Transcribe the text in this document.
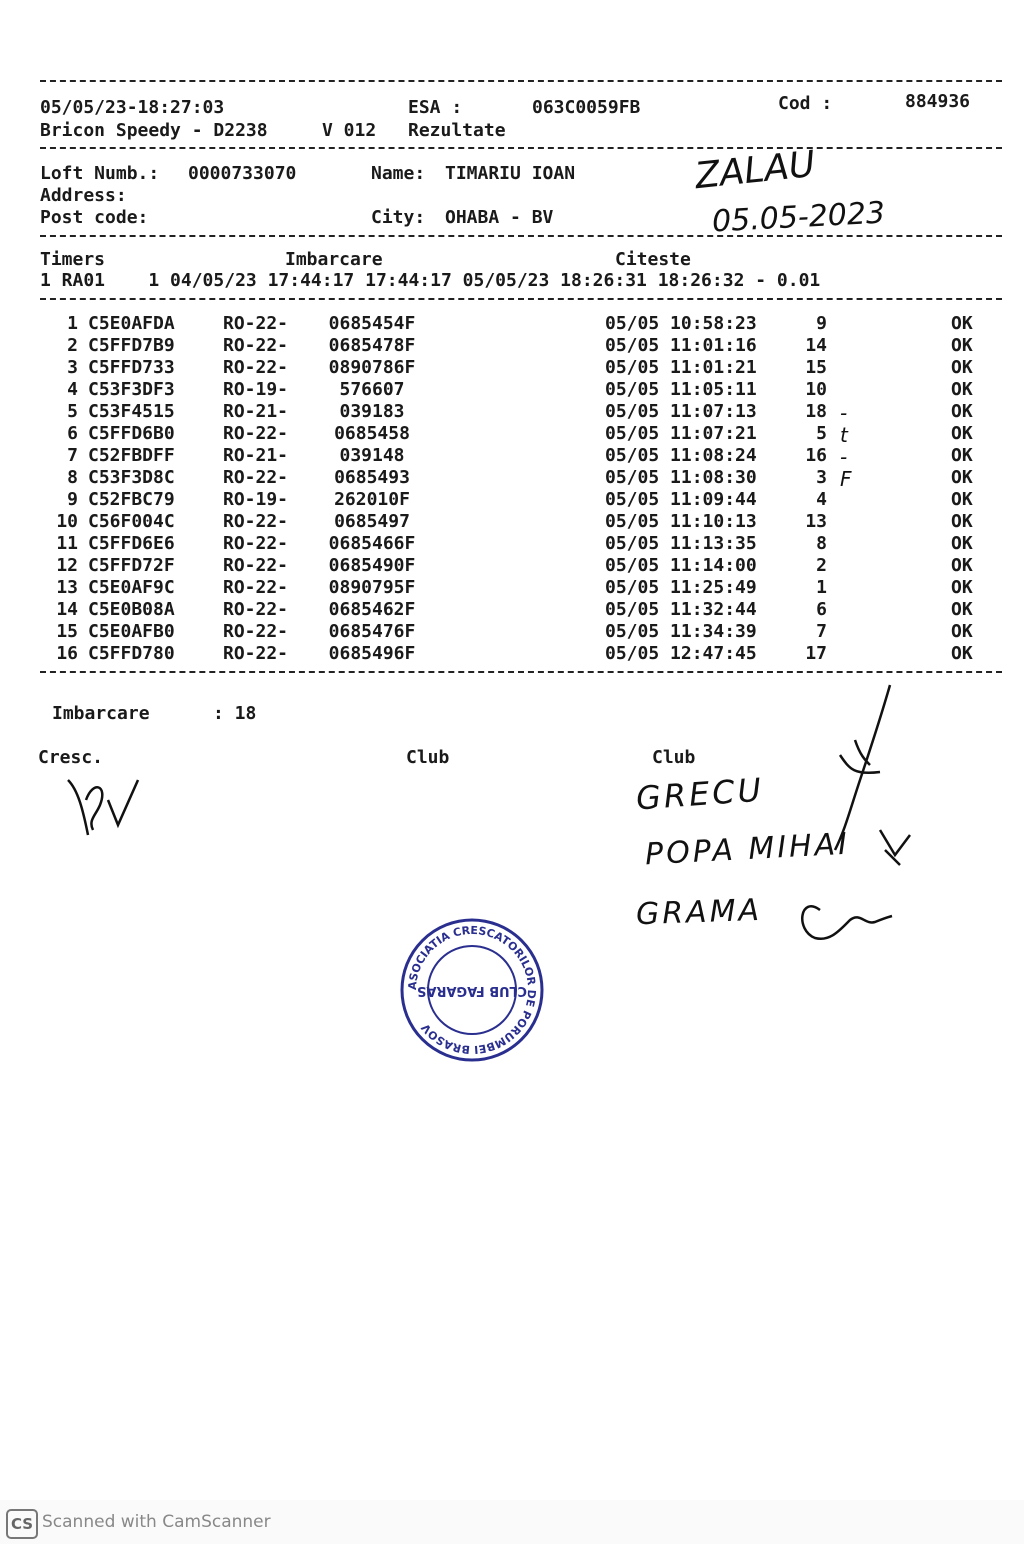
05/05/23-18:27:03	ESA :	063C0059FB	Cod :	884936
Bricon Speedy - D2238	V 012 Rezultate
Loft Numb.: 0000733070	Name: TIMARIU IOAN
Address:
Post code:	City: OHABA - BV
ZALAU
05.05-2023
Timers	Imbarcare	Citeste
1 RA01    1 04/05/23 17:44:17 17:44:17 05/05/23 18:26:31 18:26:32 - 0.01
1 C5E0AFDA	RO-22-	0685454F	05/05 10:58:23	9	OK
2 C5FFD7B9	RO-22-	0685478F	05/05 11:01:16	14	OK
3 C5FFD733	RO-22-	0890786F	05/05 11:01:21	15	OK
4 C53F3DF3	RO-19-	576607	05/05 11:05:11	10	OK
5 C53F4515	RO-21-	039183	05/05 11:07:13	18 -	OK
6 C5FFD6B0	RO-22-	0685458	05/05 11:07:21	5 t	OK
7 C52FBDFF	RO-21-	039148	05/05 11:08:24	16 -	OK
8 C53F3D8C	RO-22-	0685493	05/05 11:08:30	3 F	OK
9 C52FBC79	RO-19-	262010F	05/05 11:09:44	4	OK
10 C56F004C	RO-22-	0685497	05/05 11:10:13	13	OK
11 C5FFD6E6	RO-22-	0685466F	05/05 11:13:35	8	OK
12 C5FFD72F	RO-22-	0685490F	05/05 11:14:00	2	OK
13 C5E0AF9C	RO-22-	0890795F	05/05 11:25:49	1	OK
14 C5E0B08A	RO-22-	0685462F	05/05 11:32:44	6	OK
15 C5E0AFB0	RO-22-	0685476F	05/05 11:34:39	7	OK
16 C5FFD780	RO-22-	0685496F	05/05 12:47:45	17	OK
Imbarcare	: 18
Cresc.	Club	Club
GRECU
POPA MIHAI
GRAMA
ASOCIATIA CRESCATORILOR DE PORUMBEI BRASOV
CLUB FAGARAS
CS Scanned with CamScanner
